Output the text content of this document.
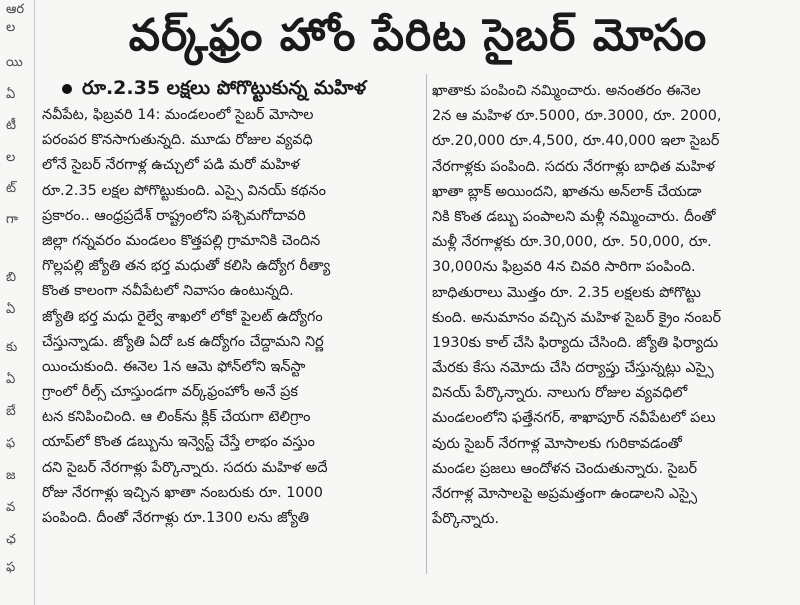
ఆర
యి
ఏ
టీ
ల
ట్
గా
ఏ
కు
ఏ
బే
ఫ
జ
వ
ఛ
ల
బి
ఫ
వర్క్‌ఫ్రం హోం పేరిట సైబర్ మోసం
రూ.2.35 లక్షలు పోగొట్టుకున్న మహిళ
నవీపేట, ఫిబ్రవరి 14: మండలంలో సైబర్ మోసాల
పరంపర కొనసాగుతున్నది. మూడు రోజుల వ్యవధి
లోనే సైబర్ నేరగాళ్ల ఉచ్చులో పడి మరో మహిళ
రూ.2.35 లక్షల పోగొట్టుకుంది. ఎస్సై వినయ్ కథనం
ప్రకారం.. ఆంధ్రప్రదేశ్ రాష్ట్రంలోని పశ్చిమగోదావరి
జిల్లా గన్నవరం మండలం కొత్తపల్లి గ్రామానికి చెందిన
గొల్లపల్లి జ్యోతి తన భర్త మధుతో కలిసి ఉద్యోగ రీత్యా
కొంత కాలంగా నవీపేటలో నివాసం ఉంటున్నది.
జ్యోతి భర్త మధు రైల్వే శాఖలో లోకో పైలట్ ఉద్యోగం
చేస్తున్నాడు. జ్యోతి ఏదో ఒక ఉద్యోగం చేద్దామని నిర్ణ
యించుకుంది. ఈనెల 1న ఆమె ఫోన్‌లోని ఇన్‌స్టా
గ్రాంలో రీల్స్ చూస్తుండగా వర్క్‌ఫ్రంహోం అనే ప్రక
టన కనిపించింది. ఆ లింక్‌ను క్లిక్ చేయగా టెలిగ్రాం
యాప్‌లో కొంత డబ్బును ఇన్వెస్ట్ చేస్తే లాభం వస్తుం
దని సైబర్ నేరగాళ్లు పేర్కొన్నారు. సదరు మహిళ అదే
రోజు నేరగాళ్లు ఇచ్చిన ఖాతా నంబరుకు రూ. 1000
పంపింది. దీంతో నేరగాళ్లు రూ.1300 లను జ్యోతి
ఖాతాకు పంపించి నమ్మించారు. అనంతరం ఈనెల
2న ఆ మహిళ రూ.5000, రూ.3000, రూ. 2000,
రూ.20,000 రూ.4,500, రూ.40,000 ఇలా సైబర్
నేరగాళ్లకు పంపింది. సదరు నేరగాళ్లు బాధిత మహిళ
ఖాతా బ్లాక్ అయిందని, ఖాతను అన్‌లాక్ చేయడా
నికి కొంత డబ్బు పంపాలని మళ్లీ నమ్మించారు. దీంతో
మళ్లీ నేరగాళ్లకు రూ.30,000, రూ. 50,000, రూ.
30,000ను ఫిబ్రవరి 4న చివరి సారిగా పంపింది.
బాధితురాలు మొత్తం రూ. 2.35 లక్షలకు పోగొట్టు
కుంది. అనుమానం వచ్చిన మహిళ సైబర్ క్రైం నంబర్
1930కు కాల్ చేసి ఫిర్యాదు చేసింది. జ్యోతి ఫిర్యాదు
మేరకు కేసు నమోదు చేసి దర్యాప్తు చేస్తున్నట్లు ఎస్సై
వినయ్ పేర్కొన్నారు. నాలుగు రోజుల వ్యవధిలో
మండలంలోని ఫత్తేనగర్, శాఖాపూర్ నవీపేటలో పలు
వురు సైబర్ నేరగాళ్ల మోసాలకు గురికావడంతో
మండల ప్రజలు ఆందోళన చెందుతున్నారు. సైబర్
నేరగాళ్ల మోసాలపై అప్రమత్తంగా ఉండాలని ఎస్సై
పేర్కొన్నారు.
